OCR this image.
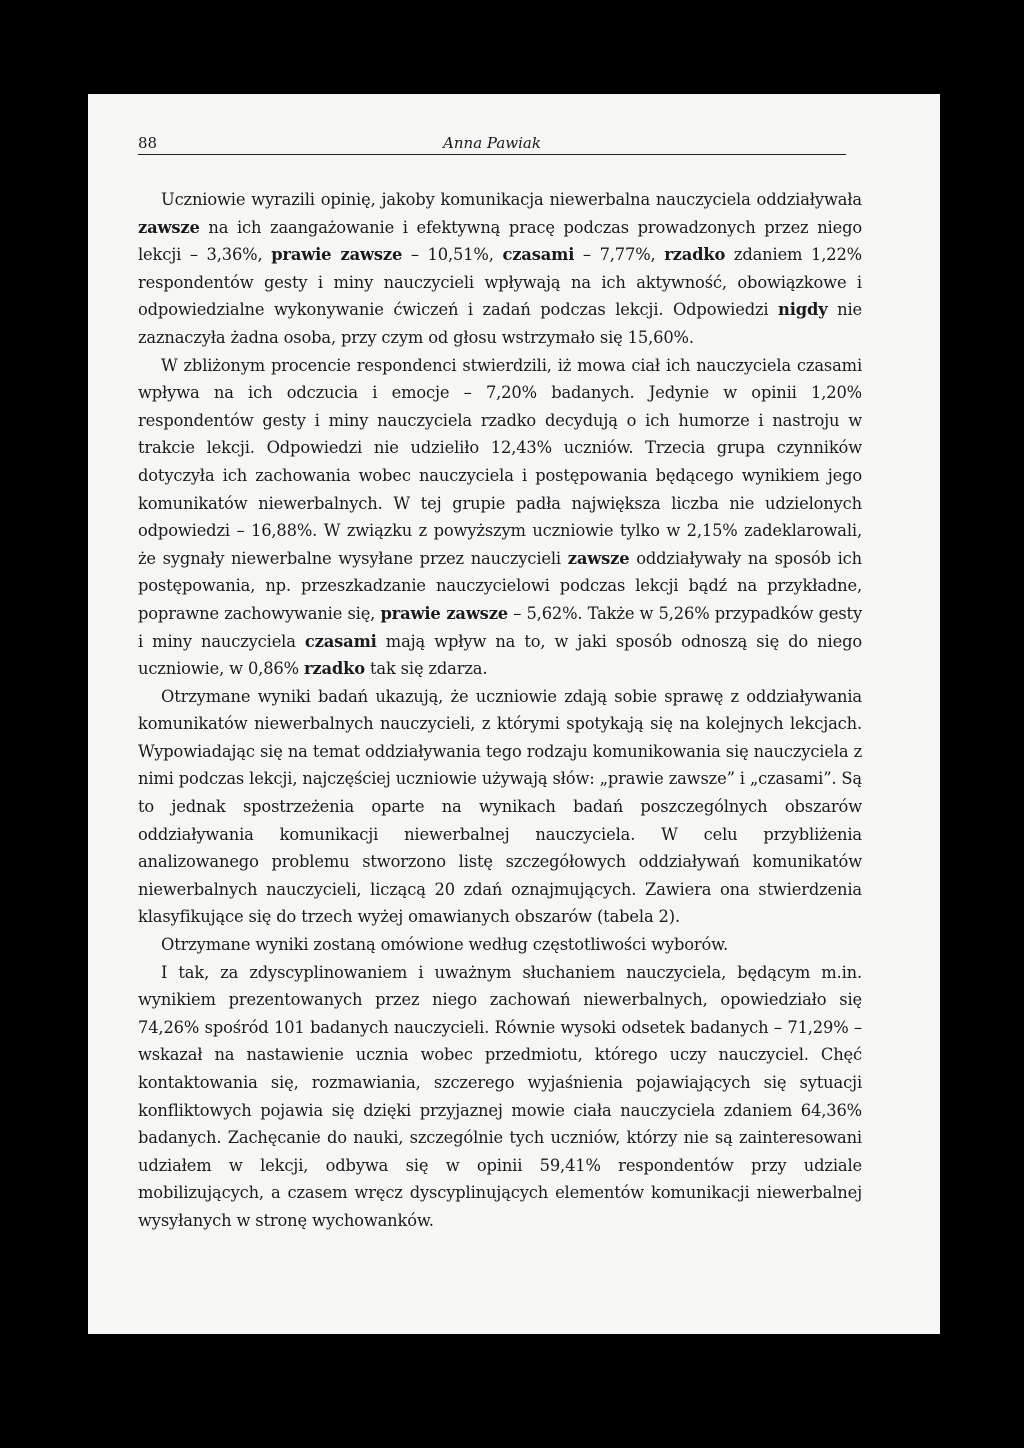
88	Anna Pawiak

Uczniowie wyrazili opinię, jakoby komunikacja niewerbalna nauczyciela oddziaływała zawsze na ich zaangażowanie i efektywną pracę podczas prowadzonych przez niego lekcji – 3,36%, prawie zawsze – 10,51%, czasami – 7,77%, rzadko zdaniem 1,22% respondentów gesty i miny nauczycieli wpływają na ich aktywność, obowiązkowe i odpowiedzialne wykonywanie ćwiczeń i zadań podczas lekcji. Odpowiedzi nigdy nie zaznaczyła żadna osoba, przy czym od głosu wstrzymało się 15,60%.

W zbliżonym procencie respondenci stwierdzili, iż mowa ciał ich nauczyciela czasami wpływa na ich odczucia i emocje – 7,20% badanych. Jedynie w opinii 1,20% respondentów gesty i miny nauczyciela rzadko decydują o ich humorze i nastroju w trakcie lekcji. Odpowiedzi nie udzieliło 12,43% uczniów. Trzecia grupa czynników dotyczyła ich zachowania wobec nauczyciela i postępowania będącego wynikiem jego komunikatów niewerbalnych. W tej grupie padła największa liczba nie udzielonych odpowiedzi – 16,88%. W związku z powyższym uczniowie tylko w 2,15% zadeklarowali, że sygnały niewerbalne wysyłane przez nauczycieli zawsze oddziaływały na sposób ich postępowania, np. przeszkadzanie nauczycielowi podczas lekcji bądź na przykładne, poprawne zachowywanie się, prawie zawsze – 5,62%. Także w 5,26% przypadków gesty i miny nauczyciela czasami mają wpływ na to, w jaki sposób odnoszą się do niego uczniowie, w 0,86% rzadko tak się zdarza.

Otrzymane wyniki badań ukazują, że uczniowie zdają sobie sprawę z oddziaływania komunikatów niewerbalnych nauczycieli, z którymi spotykają się na kolejnych lekcjach. Wypowiadając się na temat oddziaływania tego rodzaju komunikowania się nauczyciela z nimi podczas lekcji, najczęściej uczniowie używają słów: „prawie zawsze” i „czasami”. Są to jednak spostrzeżenia oparte na wynikach badań poszczególnych obszarów oddziaływania komunikacji niewerbalnej nauczyciela. W celu przybliżenia analizowanego problemu stworzono listę szczegółowych oddziaływań komunikatów niewerbalnych nauczycieli, liczącą 20 zdań oznajmujących. Zawiera ona stwierdzenia klasyfikujące się do trzech wyżej omawianych obszarów (tabela 2).

Otrzymane wyniki zostaną omówione według częstotliwości wyborów.

I tak, za zdyscyplinowaniem i uważnym słuchaniem nauczyciela, będącym m.in. wynikiem prezentowanych przez niego zachowań niewerbalnych, opowiedziało się 74,26% spośród 101 badanych nauczycieli. Równie wysoki odsetek badanych – 71,29% – wskazał na nastawienie ucznia wobec przedmiotu, którego uczy nauczyciel. Chęć kontaktowania się, rozmawiania, szczerego wyjaśnienia pojawiających się sytuacji konfliktowych pojawia się dzięki przyjaznej mowie ciała nauczyciela zdaniem 64,36% badanych. Zachęcanie do nauki, szczególnie tych uczniów, którzy nie są zainteresowani udziałem w lekcji, odbywa się w opinii 59,41% respondentów przy udziale mobilizujących, a czasem wręcz dyscyplinujących elementów komunikacji niewerbalnej wysyłanych w stronę wychowanków.
